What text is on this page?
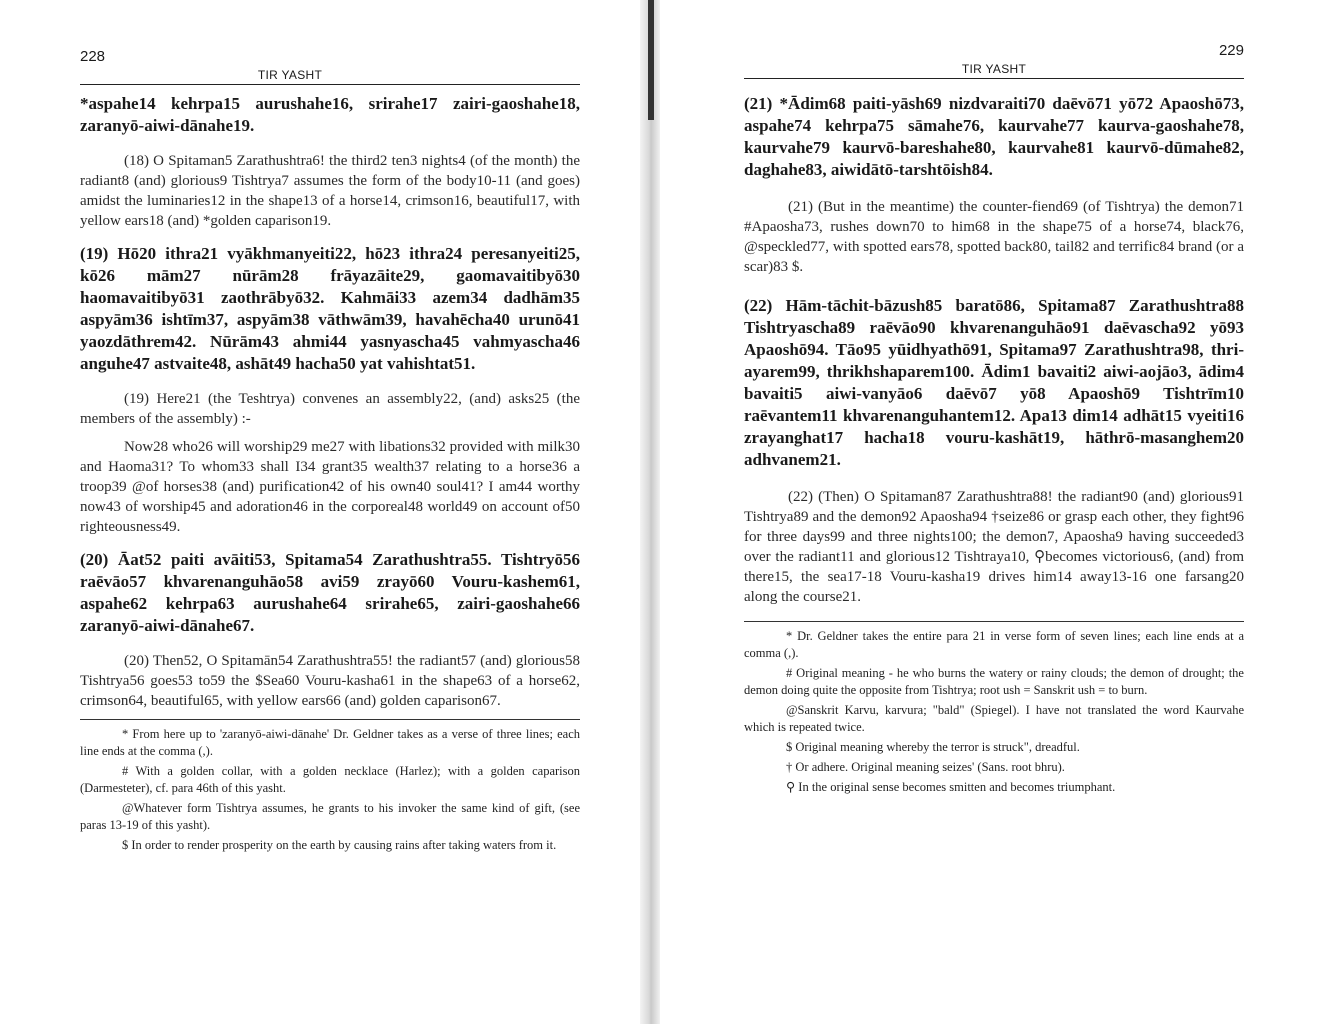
228
TIR YASHT

*aspahe14 kehrpa15 aurushahe16, srirahe17 zairi-gaoshahe18, zaranyō-aiwi-dānahe19.

(18) O Spitaman5 Zarathushtra6! the third2 ten3 nights4 (of the month) the radiant8 (and) glorious9 Tishtrya7 assumes the form of the body10-11 (and goes) amidst the luminaries12 in the shape13 of a horse14, crimson16, beautiful17, with yellow ears18 (and) *golden caparison19.

(19) Hō20 ithra21 vyākhmanyeiti22, hō23 ithra24 peresanyeiti25, kō26 mām27 nūrām28 frāyazāite29, gaomavaitibyō30 haomavaitibyō31 zaothrābyō32. Kahmāi33 azem34 dadhām35 aspyām36 ishtīm37, aspyām38 vāthwām39, havahēcha40 urunō41 yaozdāthrem42. Nūrām43 ahmi44 yasnyascha45 vahmyascha46 anguhe47 astvaite48, ashāt49 hacha50 yat vahishtat51.

(19) Here21 (the Teshtrya) convenes an assembly22, (and) asks25 (the members of the assembly) :-

Now28 who26 will worship29 me27 with libations32 provided with milk30 and Haoma31? To whom33 shall I34 grant35 wealth37 relating to a horse36 a troop39 @of horses38 (and) purification42 of his own40 soul41? I am44 worthy now43 of worship45 and adoration46 in the corporeal48 world49 on account of50 righteousness49.

(20) Āat52 paiti avāiti53, Spitama54 Zarathushtra55. Tishtryō56 raēvāo57 khvarenanguhāo58 avi59 zrayō60 Vouru-kashem61, aspahe62 kehrpa63 aurushahe64 srirahe65, zairi-gaoshahe66 zaranyō-aiwi-dānahe67.

(20) Then52, O Spitamān54 Zarathushtra55! the radiant57 (and) glorious58 Tishtrya56 goes53 to59 the $Sea60 Vouru-kasha61 in the shape63 of a horse62, crimson64, beautiful65, with yellow ears66 (and) golden caparison67.

* From here up to 'zaranyō-aiwi-dānahe' Dr. Geldner takes as a verse of three lines; each line ends at the comma (,).

# With a golden collar, with a golden necklace (Harlez); with a golden caparison (Darmesteter), cf. para 46th of this yasht.

@Whatever form Tishtrya assumes, he grants to his invoker the same kind of gift, (see paras 13-19 of this yasht).

$ In order to render prosperity on the earth by causing rains after taking waters from it.

229
TIR YASHT

(21) *Ādim68 paiti-yāsh69 nizdvaraiti70 daēvō71 yō72 Apaoshō73, aspahe74 kehrpa75 sāmahe76, kaurvahe77 kaurva-gaoshahe78, kaurvahe79 kaurvō-bareshahe80, kaurvahe81 kaurvō-dūmahe82, daghahe83, aiwidātō-tarshtōish84.

(21) (But in the meantime) the counter-fiend69 (of Tishtrya) the demon71 #Apaosha73, rushes down70 to him68 in the shape75 of a horse74, black76, @speckled77, with spotted ears78, spotted back80, tail82 and terrific84 brand (or a scar)83 $.

(22) Hām-tāchit-bāzush85 baratō86, Spitama87 Zarathushtra88 Tishtryascha89 raēvāo90 khvarenanguhāo91 daēvascha92 yō93 Apaoshō94. Tāo95 yūidhyathō91, Spitama97 Zarathushtra98, thri-ayarem99, thrikhshaparem100. Ādim1 bavaiti2 aiwi-aojāo3, ādim4 bavaiti5 aiwi-vanyāo6 daēvō7 yō8 Apaoshō9 Tishtrīm10 raēvantem11 khvarenanguhantem12. Apa13 dim14 adhāt15 vyeiti16 zrayanghat17 hacha18 vouru-kashāt19, hāthrō-masanghem20 adhvanem21.

(22) (Then) O Spitaman87 Zarathushtra88! the radiant90 (and) glorious91 Tishtrya89 and the demon92 Apaosha94 †seize86 or grasp each other, they fight96 for three days99 and three nights100; the demon7, Apaosha9 having succeeded3 over the radiant11 and glorious12 Tishtraya10, ⚲becomes victorious6, (and) from there15, the sea17-18 Vouru-kasha19 drives him14 away13-16 one farsang20 along the course21.

* Dr. Geldner takes the entire para 21 in verse form of seven lines; each line ends at a comma (,).

# Original meaning - he who burns the watery or rainy clouds; the demon of drought; the demon doing quite the opposite from Tishtrya; root ush = Sanskrit ush = to burn.

@Sanskrit Karvu, karvura; "bald" (Spiegel). I have not translated the word Kaurvahe which is repeated twice.

$ Original meaning whereby the terror is struck", dreadful.

† Or adhere. Original meaning seizes' (Sans. root bhru).

⚲ In the original sense becomes smitten and becomes triumphant.
